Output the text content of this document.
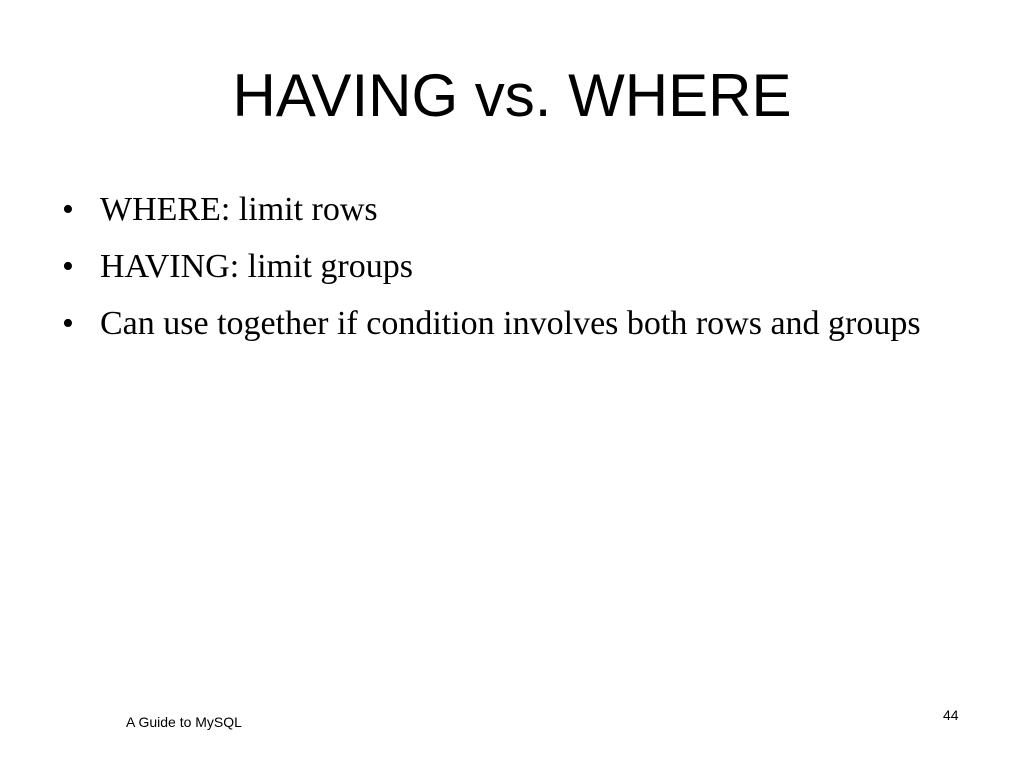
HAVING vs. WHERE
• WHERE: limit rows
• HAVING: limit groups
• Can use together if condition involves both rows and groups
A Guide to MySQL	44
